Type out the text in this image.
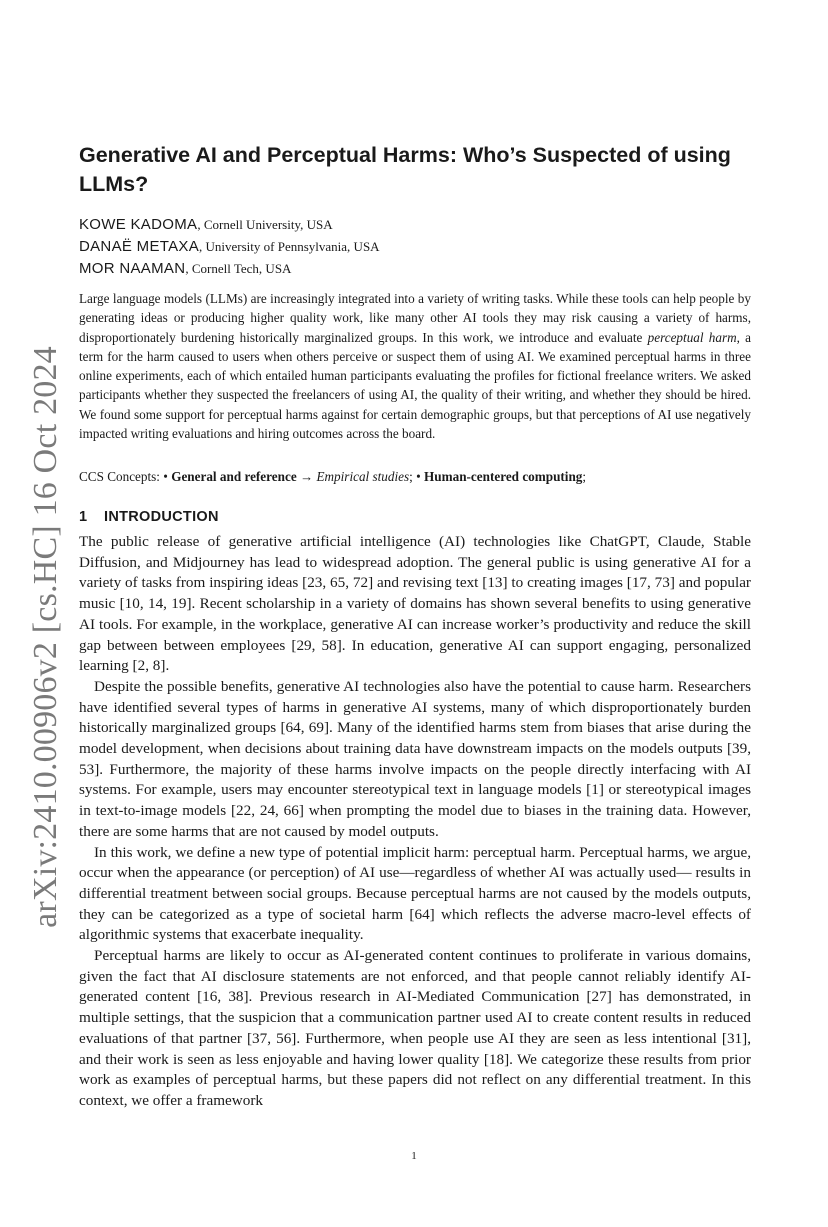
arXiv:2410.00906v2 [cs.HC] 16 Oct 2024
Generative AI and Perceptual Harms: Who’s Suspected of using LLMs?
KOWE KADOMA, Cornell University, USA
DANAË METAXA, University of Pennsylvania, USA
MOR NAAMAN, Cornell Tech, USA

Large language models (LLMs) are increasingly integrated into a variety of writing tasks. While these tools can help people by generating ideas or producing higher quality work, like many other AI tools they may risk causing a variety of harms, disproportionately burdening historically marginalized groups. In this work, we introduce and evaluate perceptual harm, a term for the harm caused to users when others perceive or suspect them of using AI. We examined perceptual harms in three online experiments, each of which entailed human participants evaluating the profiles for fictional freelance writers. We asked participants whether they suspected the freelancers of using AI, the quality of their writing, and whether they should be hired. We found some support for perceptual harms against for certain demographic groups, but that perceptions of AI use negatively impacted writing evaluations and hiring outcomes across the board.

CCS Concepts: • General and reference → Empirical studies; • Human-centered computing;

1 INTRODUCTION

The public release of generative artificial intelligence (AI) technologies like ChatGPT, Claude, Stable Diffusion, and Midjourney has lead to widespread adoption. The general public is using generative AI for a variety of tasks from inspiring ideas [23, 65, 72] and revising text [13] to creating images [17, 73] and popular music [10, 14, 19]. Recent scholarship in a variety of domains has shown several benefits to using generative AI tools. For example, in the workplace, generative AI can increase worker’s productivity and reduce the skill gap between between employees [29, 58]. In education, generative AI can support engaging, personalized learning [2, 8].

Despite the possible benefits, generative AI technologies also have the potential to cause harm. Researchers have identified several types of harms in generative AI systems, many of which disproportionately burden historically marginalized groups [64, 69]. Many of the identified harms stem from biases that arise during the model development, when decisions about training data have downstream impacts on the models outputs [39, 53]. Furthermore, the majority of these harms involve impacts on the people directly interfacing with AI systems. For example, users may encounter stereotypical text in language models [1] or stereotypical images in text-to-image models [22, 24, 66] when prompting the model due to biases in the training data. However, there are some harms that are not caused by model outputs.

In this work, we define a new type of potential implicit harm: perceptual harm. Perceptual harms, we argue, occur when the appearance (or perception) of AI use—regardless of whether AI was actually used— results in differential treatment between social groups. Because perceptual harms are not caused by the models outputs, they can be categorized as a type of societal harm [64] which reflects the adverse macro-level effects of algorithmic systems that exacerbate inequality.

Perceptual harms are likely to occur as AI-generated content continues to proliferate in various domains, given the fact that AI disclosure statements are not enforced, and that people cannot reliably identify AI-generated content [16, 38]. Previous research in AI-Mediated Communication [27] has demonstrated, in multiple settings, that the suspicion that a communication partner used AI to create content results in reduced evaluations of that partner [37, 56]. Furthermore, when people use AI they are seen as less intentional [31], and their work is seen as less enjoyable and having lower quality [18]. We categorize these results from prior work as examples of perceptual harms, but these papers did not reflect on any differential treatment. In this context, we offer a framework

1
